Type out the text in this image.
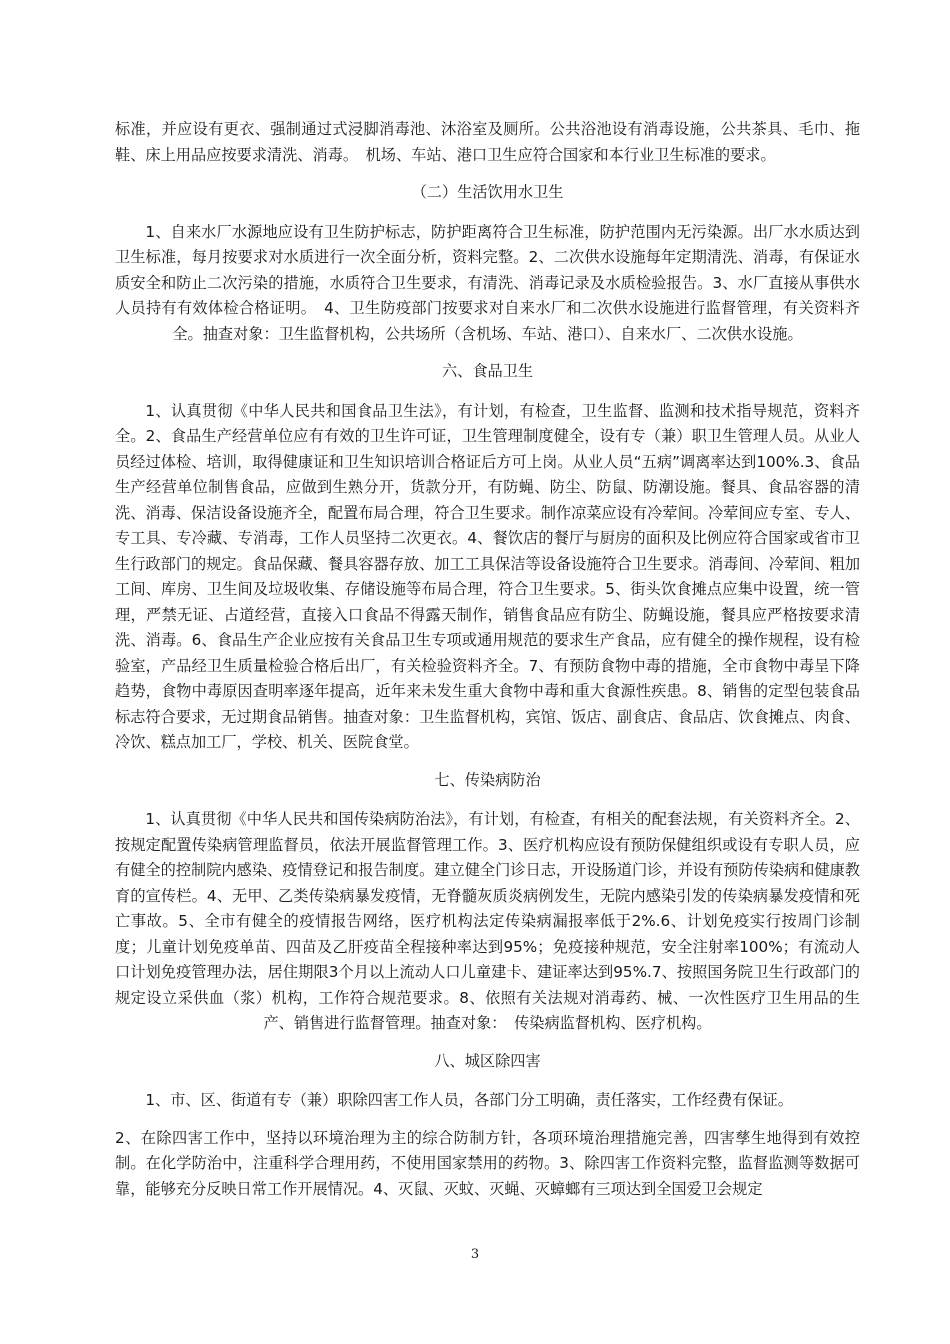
标准，并应设有更衣、强制通过式浸脚消毒池、沐浴室及厕所。公共浴池设有消毒设施，公共茶具、毛巾、拖鞋、床上用品应按要求清洗、消毒。　机场、车站、港口卫生应符合国家和本行业卫生标准的要求。

（二）生活饮用水卫生

1、自来水厂水源地应设有卫生防护标志，防护距离符合卫生标准，防护范围内无污染源。出厂水水质达到卫生标准，每月按要求对水质进行一次全面分析，资料完整。2、二次供水设施每年定期清洗、消毒，有保证水质安全和防止二次污染的措施，水质符合卫生要求，有清洗、消毒记录及水质检验报告。3、水厂直接从事供水人员持有有效体检合格证明。　4、卫生防疫部门按要求对自来水厂和二次供水设施进行监督管理，有关资料齐全。抽查对象：卫生监督机构，公共场所（含机场、车站、港口）、自来水厂、二次供水设施。

六、食品卫生

1、认真贯彻《中华人民共和国食品卫生法》，有计划，有检查，卫生监督、监测和技术指导规范，资料齐全。2、食品生产经营单位应有有效的卫生许可证，卫生管理制度健全，设有专（兼）职卫生管理人员。从业人员经过体检、培训，取得健康证和卫生知识培训合格证后方可上岗。从业人员“五病”调离率达到100%.3、食品生产经营单位制售食品，应做到生熟分开，货款分开，有防蝇、防尘、防鼠、防潮设施。餐具、食品容器的清洗、消毒、保洁设备设施齐全，配置布局合理，符合卫生要求。制作凉菜应设有冷荤间。冷荤间应专室、专人、专工具、专冷藏、专消毒，工作人员坚持二次更衣。4、餐饮店的餐厅与厨房的面积及比例应符合国家或省市卫生行政部门的规定。食品保藏、餐具容器存放、加工工具保洁等设备设施符合卫生要求。消毒间、冷荤间、粗加工间、库房、卫生间及垃圾收集、存储设施等布局合理，符合卫生要求。5、街头饮食摊点应集中设置，统一管理，严禁无证、占道经营，直接入口食品不得露天制作，销售食品应有防尘、防蝇设施，餐具应严格按要求清洗、消毒。6、食品生产企业应按有关食品卫生专项或通用规范的要求生产食品，应有健全的操作规程，设有检验室，产品经卫生质量检验合格后出厂，有关检验资料齐全。7、有预防食物中毒的措施，全市食物中毒呈下降趋势，食物中毒原因查明率逐年提高，近年来未发生重大食物中毒和重大食源性疾患。8、销售的定型包装食品标志符合要求，无过期食品销售。抽查对象：卫生监督机构，宾馆、饭店、副食店、食品店、饮食摊点、肉食、冷饮、糕点加工厂，学校、机关、医院食堂。

七、传染病防治

1、认真贯彻《中华人民共和国传染病防治法》，有计划，有检查，有相关的配套法规，有关资料齐全。2、按规定配置传染病管理监督员，依法开展监督管理工作。3、医疗机构应设有预防保健组织或设有专职人员，应有健全的控制院内感染、疫情登记和报告制度。建立健全门诊日志，开设肠道门诊，并设有预防传染病和健康教育的宣传栏。4、无甲、乙类传染病暴发疫情，无脊髓灰质炎病例发生，无院内感染引发的传染病暴发疫情和死亡事故。5、全市有健全的疫情报告网络，医疗机构法定传染病漏报率低于2%.6、计划免疫实行按周门诊制度；儿童计划免疫单苗、四苗及乙肝疫苗全程接种率达到95%；免疫接种规范，安全注射率100%；有流动人口计划免疫管理办法，居住期限3个月以上流动人口儿童建卡、建证率达到95%.7、按照国务院卫生行政部门的规定设立采供血（浆）机构，工作符合规范要求。8、依照有关法规对消毒药、械、一次性医疗卫生用品的生产、销售进行监督管理。抽查对象：　传染病监督机构、医疗机构。

八、城区除四害

1、市、区、街道有专（兼）职除四害工作人员，各部门分工明确，责任落实，工作经费有保证。

2、在除四害工作中，坚持以环境治理为主的综合防制方针，各项环境治理措施完善，四害孳生地得到有效控制。在化学防治中，注重科学合理用药，不使用国家禁用的药物。3、除四害工作资料完整，监督监测等数据可靠，能够充分反映日常工作开展情况。4、灭鼠、灭蚊、灭蝇、灭蟑螂有三项达到全国爱卫会规定

3
